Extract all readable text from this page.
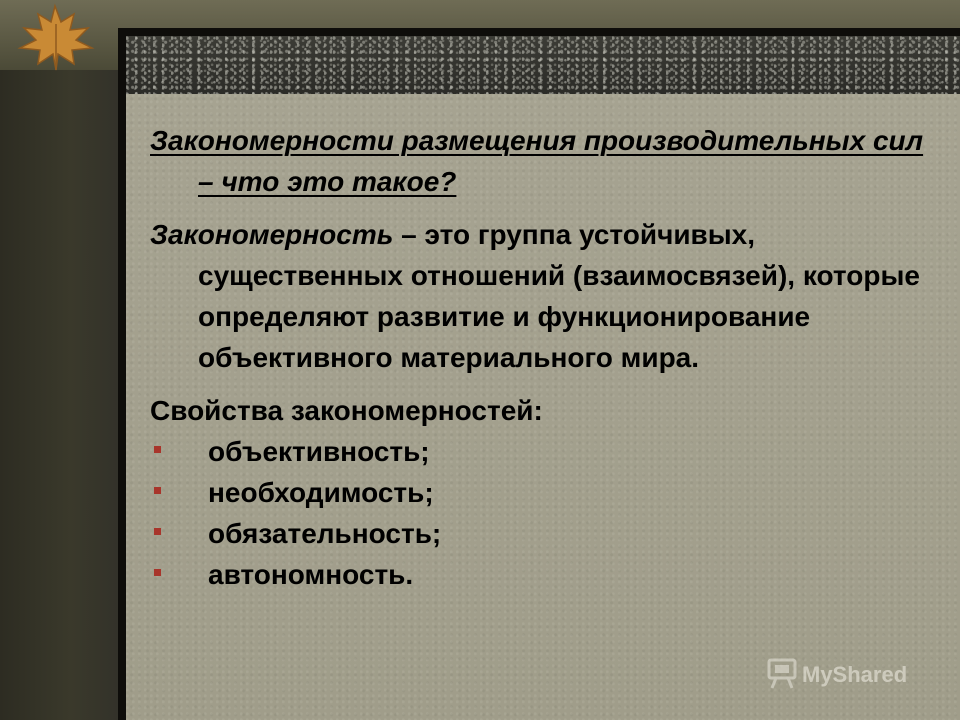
Закономерности размещения производительных сил – что это такое?

Закономерность – это группа устойчивых, существенных отношений (взаимосвязей), которые определяют развитие и функционирование объективного материального мира.

Свойства закономерностей:

объективность;
необходимость;
обязательность;
автономность.
MyShared
